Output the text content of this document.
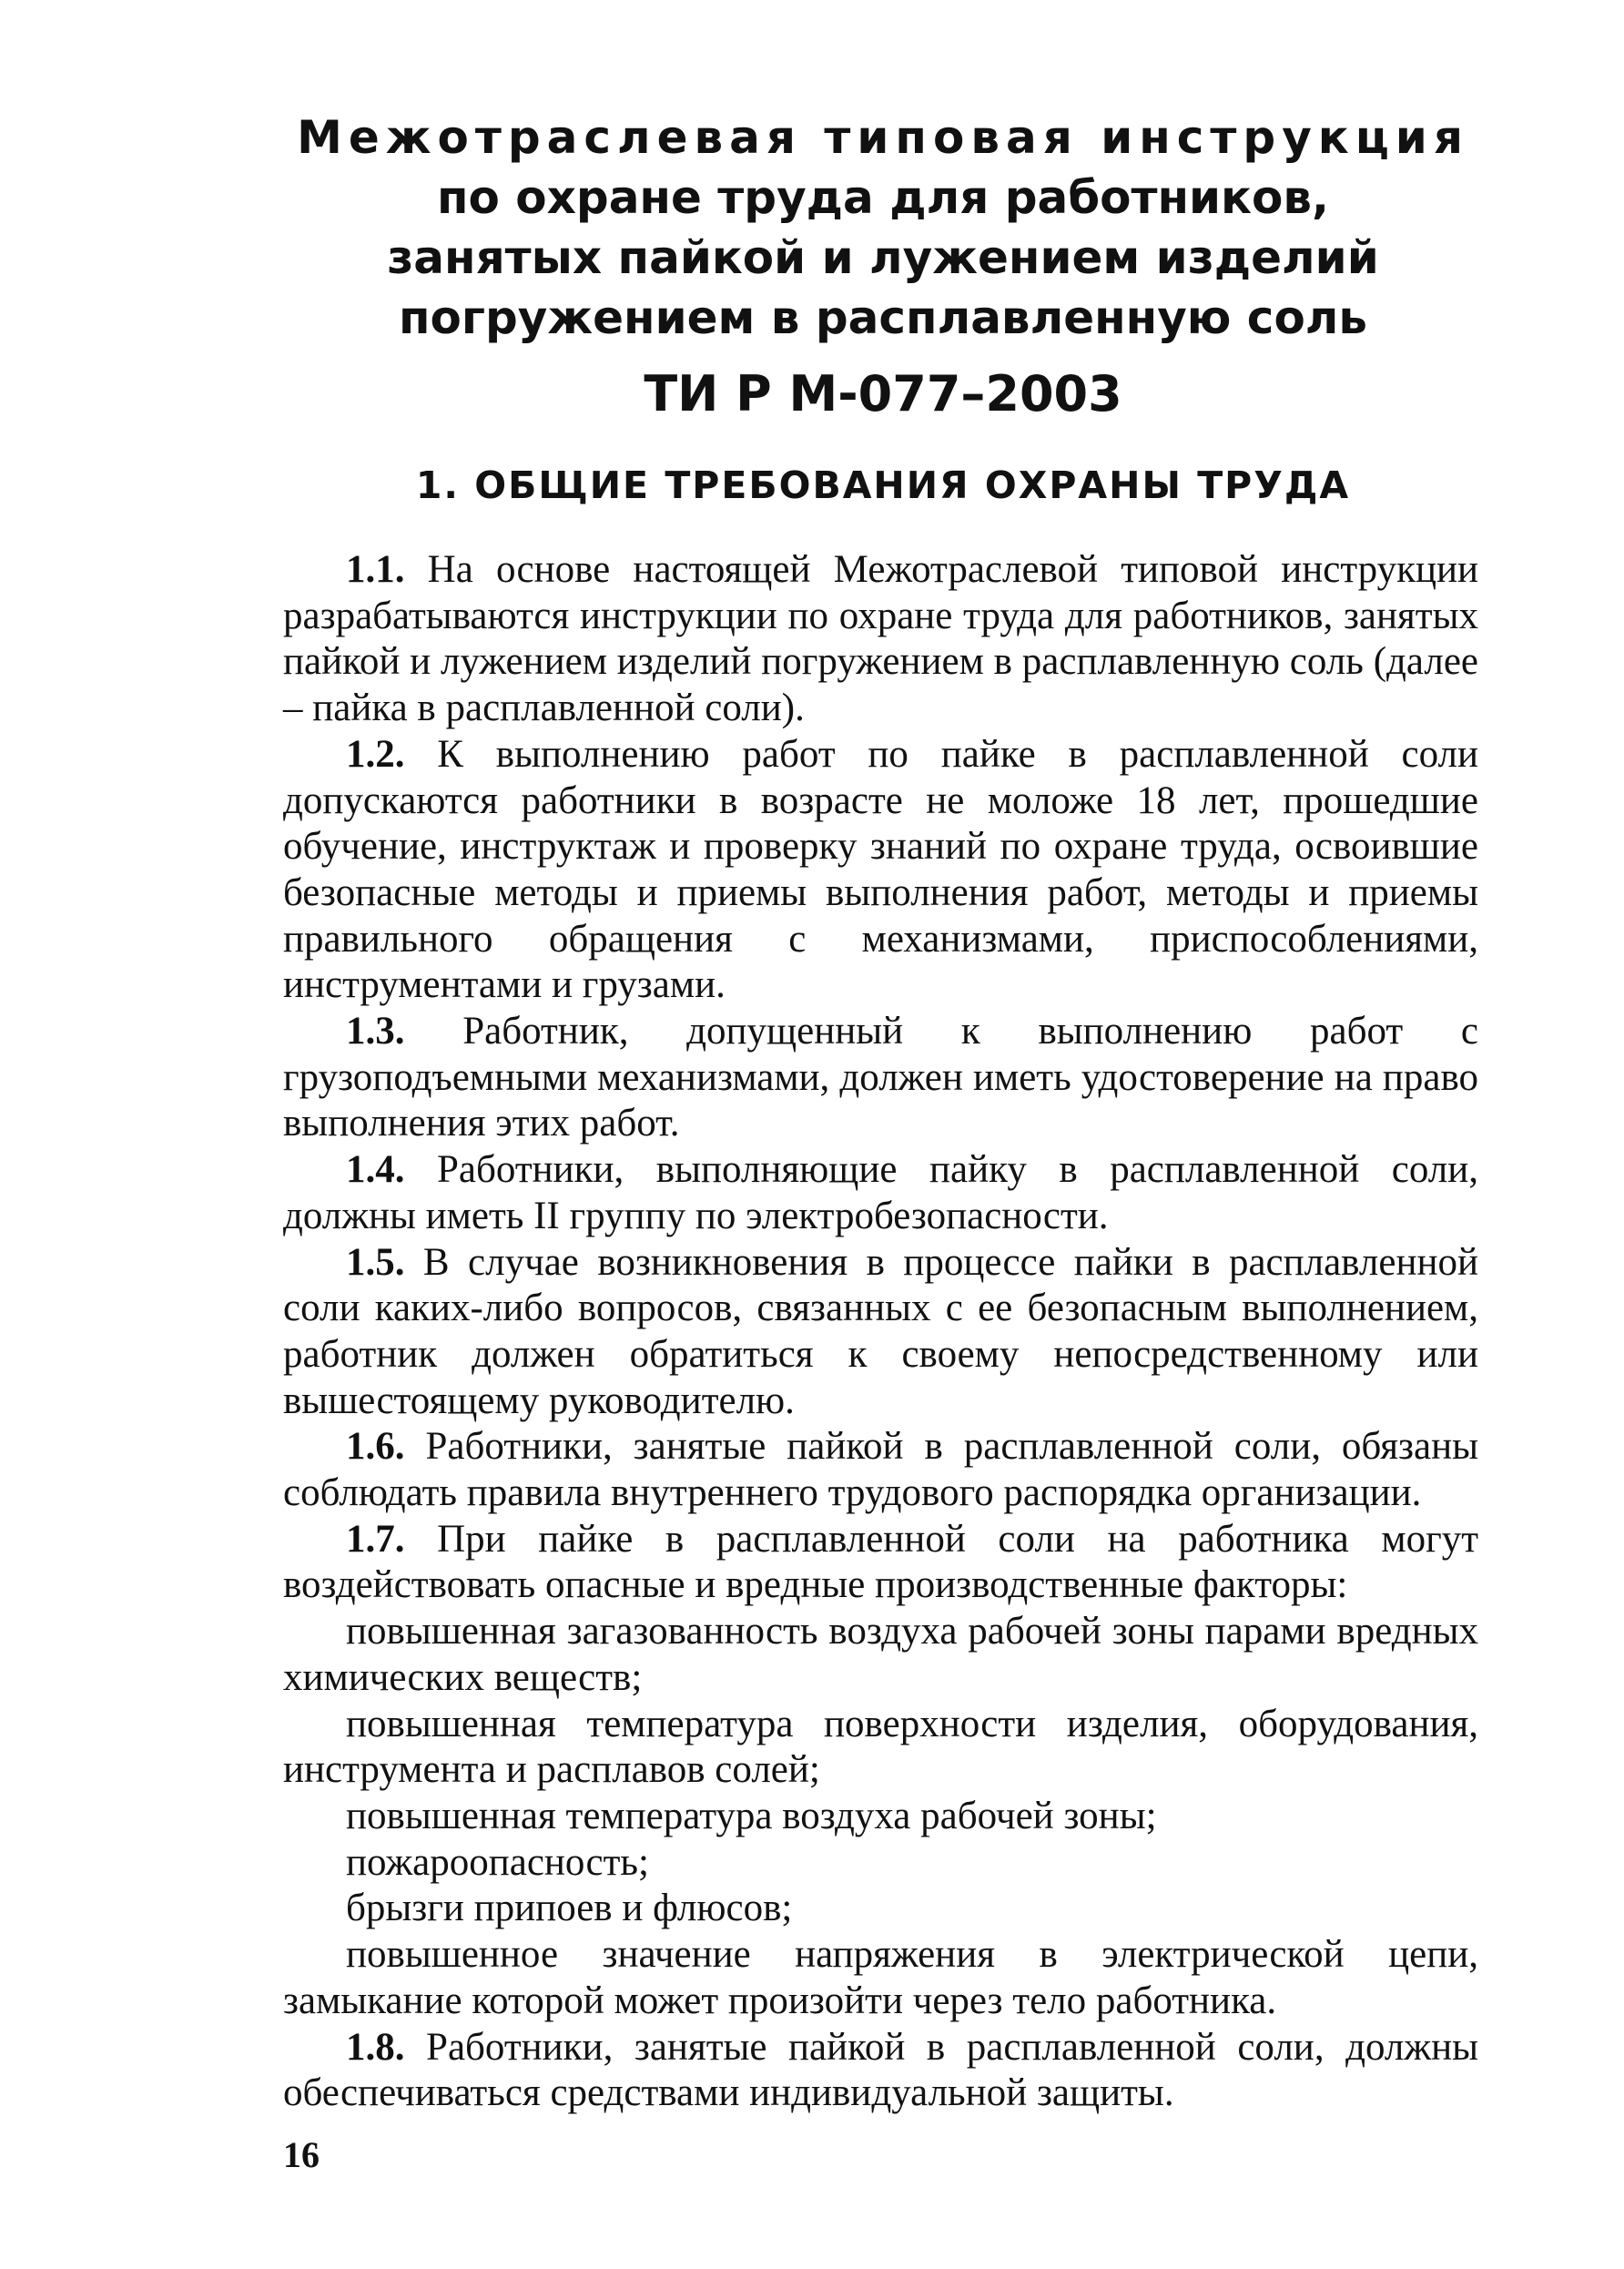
Межотраслевая типовая инструкция
по охране труда для работников,
занятых пайкой и лужением изделий
погружением в расплавленную соль
ТИ Р М-077–2003
1. ОБЩИЕ ТРЕБОВАНИЯ ОХРАНЫ ТРУДА

1.1. На основе настоящей Межотраслевой типовой инструкции разрабатываются инструкции по охране труда для работников, занятых пайкой и лужением изделий погружением в расплавленную соль (далее – пайка в расплавленной соли).

1.2. К выполнению работ по пайке в расплавленной соли допускаются работники в возрасте не моложе 18 лет, прошедшие обучение, инструктаж и проверку знаний по охране труда, освоившие безопасные методы и приемы выполнения работ, методы и приемы правильного обращения с механизмами, приспособлениями, инструментами и грузами.

1.3. Работник, допущенный к выполнению работ с грузоподъемными механизмами, должен иметь удостоверение на право выполнения этих работ.

1.4. Работники, выполняющие пайку в расплавленной соли, должны иметь II группу по электробезопасности.

1.5. В случае возникновения в процессе пайки в расплавленной соли каких-либо вопросов, связанных с ее безопасным выполнением, работник должен обратиться к своему непосредственному или вышестоящему руководителю.

1.6. Работники, занятые пайкой в расплавленной соли, обязаны соблюдать правила внутреннего трудового распорядка организации.

1.7. При пайке в расплавленной соли на работника могут воздействовать опасные и вредные производственные факторы:

повышенная загазованность воздуха рабочей зоны парами вредных химических веществ;

повышенная температура поверхности изделия, оборудования, инструмента и расплавов солей;

повышенная температура воздуха рабочей зоны;

пожароопасность;

брызги припоев и флюсов;

повышенное значение напряжения в электрической цепи, замыкание которой может произойти через тело работника.

1.8. Работники, занятые пайкой в расплавленной соли, должны обеспечиваться средствами индивидуальной защиты.

16
